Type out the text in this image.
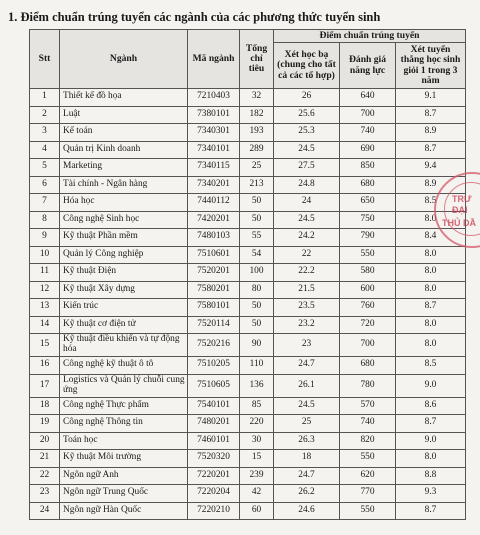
1. Điểm chuẩn trúng tuyển các ngành của các phương thức tuyển sinh
Stt	Ngành	Mã ngành	Tổng chỉ tiêu	Điểm chuẩn trúng tuyển		
				Xét học bạ (chung cho tất cả các tổ hợp)	Đánh giá năng lực	Xét tuyển thẳng học sinh giỏi 1 trong 3 năm
1	Thiết kế đồ họa	7210403	32	26	640	9.1
2	Luật	7380101	182	25.6	700	8.7
3	Kế toán	7340301	193	25.3	740	8.9
4	Quản trị Kinh doanh	7340101	289	24.5	690	8.7
5	Marketing	7340115	25	27.5	850	9.4
6	Tài chính - Ngân hàng	7340201	213	24.8	680	8.9
7	Hóa học	7440112	50	24	650	8.5
8	Công nghệ Sinh học	7420201	50	24.5	750	8.0
9	Kỹ thuật Phần mềm	7480103	55	24.2	790	8.4
10	Quản lý Công nghiệp	7510601	54	22	550	8.0
11	Kỹ thuật Điện	7520201	100	22.2	580	8.0
12	Kỹ thuật Xây dựng	7580201	80	21.5	600	8.0
13	Kiến trúc	7580101	50	23.5	760	8.7
14	Kỹ thuật cơ điện tử	7520114	50	23.2	720	8.0
15	Kỹ thuật điều khiển và tự động hóa	7520216	90	23	700	8.0
16	Công nghệ kỹ thuật ô tô	7510205	110	24.7	680	8.5
17	Logistics và Quản lý chuỗi cung ứng	7510605	136	26.1	780	9.0
18	Công nghệ Thực phẩm	7540101	85	24.5	570	8.6
19	Công nghệ Thông tin	7480201	220	25	740	8.7
20	Toán học	7460101	30	26.3	820	9.0
21	Kỹ thuật Môi trường	7520320	15	18	550	8.0
22	Ngôn ngữ Anh	7220201	239	24.7	620	8.8
23	Ngôn ngữ Trung Quốc	7220204	42	26.2	770	9.3
24	Ngôn ngữ Hàn Quốc	7220210	60	24.6	550	8.7
TRƯ
ĐẠI
THỦ DẦ
